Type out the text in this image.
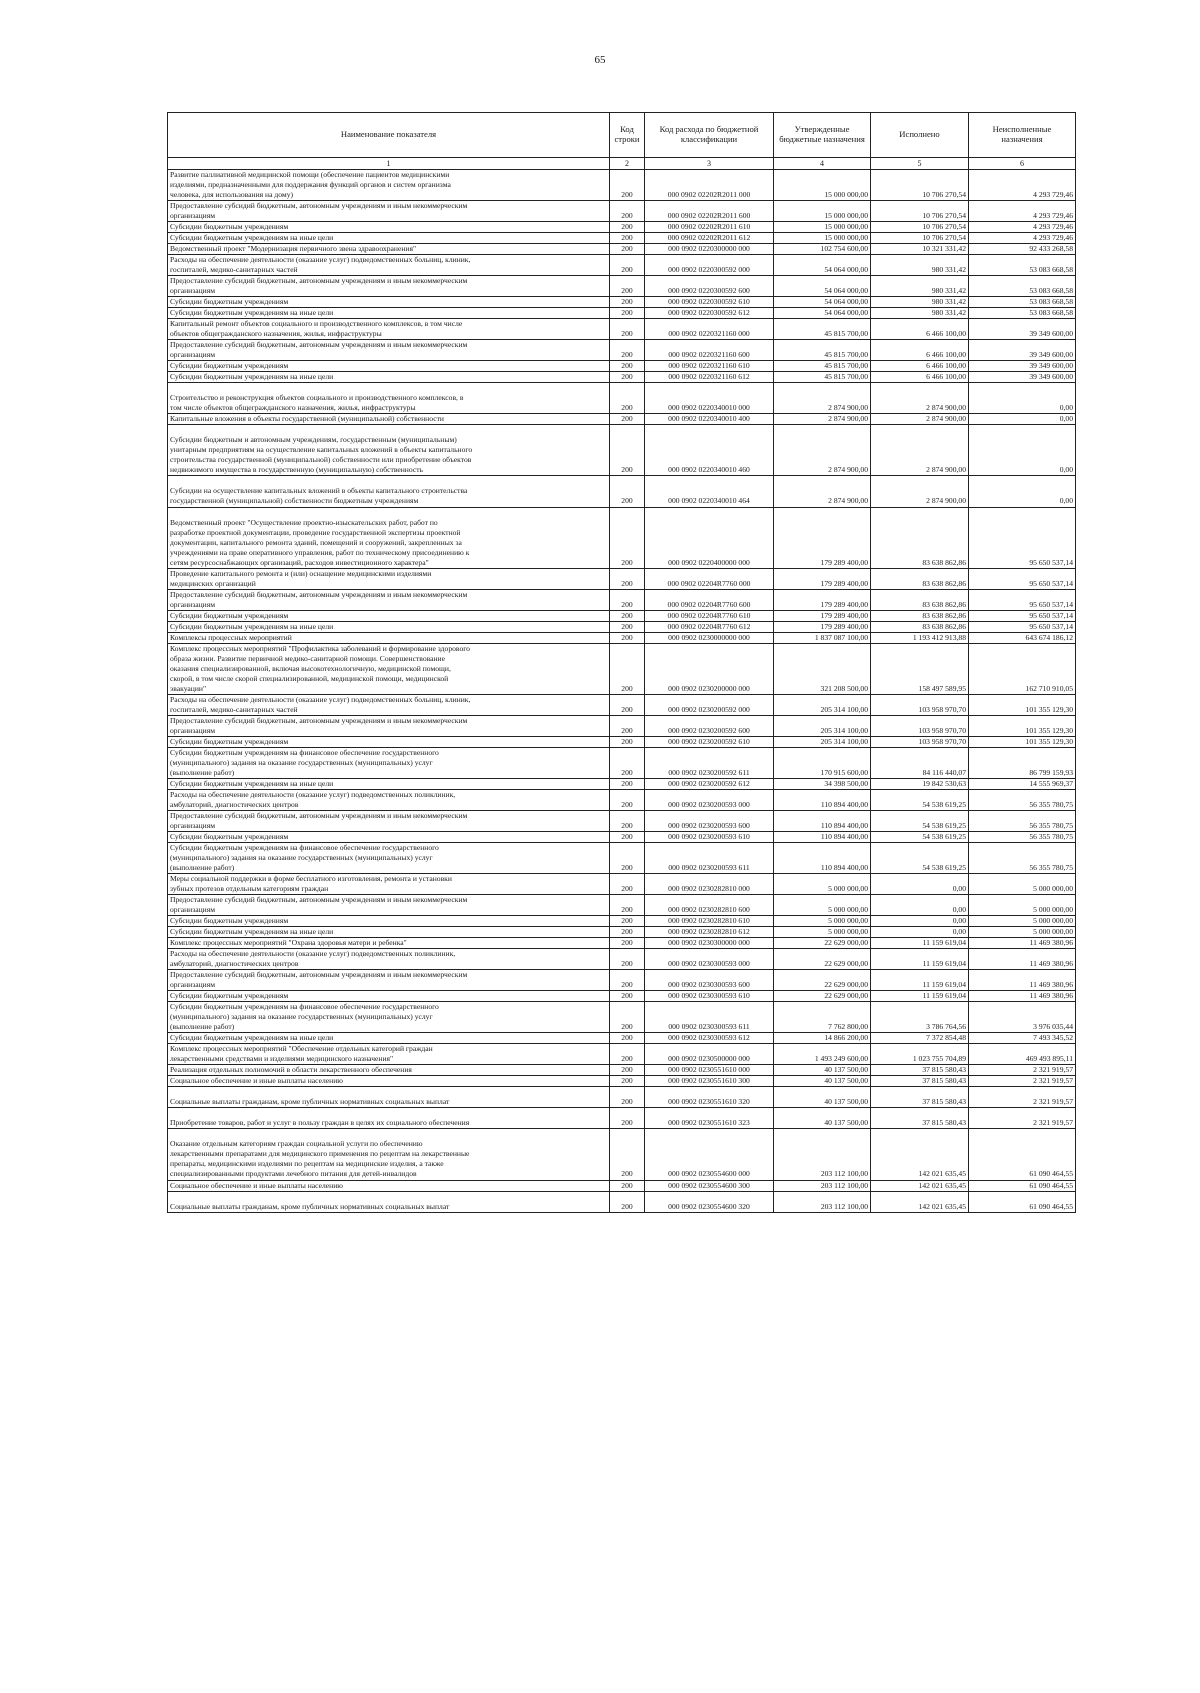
65
Наименование показателя	Код строки	Код расхода по бюджетной классификации	Утвержденные бюджетные назначения	Исполнено	Неисполненные назначения
1	2	3	4	5	6
Развитие паллиативной медицинской помощи (обеспечение пациентов медицинскими
изделиями, предназначенными для поддержания функций органов и систем организма
человека, для использования на дому)	200	000 0902 02202R2011 000	15 000 000,00	10 706 270,54	4 293 729,46
Предоставление субсидий бюджетным, автономным учреждениям и иным некоммерческим
организациям	200	000 0902 02202R2011 600	15 000 000,00	10 706 270,54	4 293 729,46
Субсидии бюджетным учреждениям	200	000 0902 02202R2011 610	15 000 000,00	10 706 270,54	4 293 729,46
Субсидии бюджетным учреждениям на иные цели	200	000 0902 02202R2011 612	15 000 000,00	10 706 270,54	4 293 729,46
Ведомственный проект "Модернизация первичного звена здравоохранения"	200	000 0902 0220300000 000	102 754 600,00	10 321 331,42	92 433 268,58
Расходы на обеспечение деятельности (оказание услуг) подведомственных больниц, клиник,
госпиталей, медико-санитарных частей	200	000 0902 0220300592 000	54 064 000,00	980 331,42	53 083 668,58
Предоставление субсидий бюджетным, автономным учреждениям и иным некоммерческим
организациям	200	000 0902 0220300592 600	54 064 000,00	980 331,42	53 083 668,58
Субсидии бюджетным учреждениям	200	000 0902 0220300592 610	54 064 000,00	980 331,42	53 083 668,58
Субсидии бюджетным учреждениям на иные цели	200	000 0902 0220300592 612	54 064 000,00	980 331,42	53 083 668,58
Капитальный ремонт объектов социального и производственного комплексов, в том числе
объектов общегражданского назначения, жилья, инфраструктуры	200	000 0902 0220321160 000	45 815 700,00	6 466 100,00	39 349 600,00
Предоставление субсидий бюджетным, автономным учреждениям и иным некоммерческим
организациям	200	000 0902 0220321160 600	45 815 700,00	6 466 100,00	39 349 600,00
Субсидии бюджетным учреждениям	200	000 0902 0220321160 610	45 815 700,00	6 466 100,00	39 349 600,00
Субсидии бюджетным учреждениям на иные цели	200	000 0902 0220321160 612	45 815 700,00	6 466 100,00	39 349 600,00

Строительство и реконструкция объектов социального и производственного комплексов, в
том числе объектов общегражданского назначения, жилья, инфраструктуры	200	000 0902 0220340010 000	2 874 900,00	2 874 900,00	0,00
Капитальные вложения в объекты государственной (муниципальной) собственности	200	000 0902 0220340010 400	2 874 900,00	2 874 900,00	0,00

Субсидии бюджетным и автономным учреждениям, государственным (муниципальным)
унитарным предприятиям на осуществление капитальных вложений в объекты капитального
строительства государственной (муниципальной) собственности или приобретение объектов
недвижимого имущества в государственную (муниципальную) собственность	200	000 0902 0220340010 460	2 874 900,00	2 874 900,00	0,00

Субсидии на осуществление капитальных вложений в объекты капитального строительства
государственной (муниципальной) собственности бюджетным учреждениям	200	000 0902 0220340010 464	2 874 900,00	2 874 900,00	0,00

Ведомственный проект "Осуществление проектно-изыскательских работ, работ по
разработке проектной документации, проведение государственной экспертизы проектной
документации, капитального ремонта зданий, помещений и сооружений, закрепленных за
учреждениями на праве оперативного управления, работ по техническому присоединению к
сетям ресурсоснабжающих организаций, расходов инвестиционного характера"	200	000 0902 0220400000 000	179 289 400,00	83 638 862,86	95 650 537,14
Проведение капитального ремонта и (или) оснащение медицинскими изделиями
медицинских организаций	200	000 0902 02204R7760 000	179 289 400,00	83 638 862,86	95 650 537,14
Предоставление субсидий бюджетным, автономным учреждениям и иным некоммерческим
организациям	200	000 0902 02204R7760 600	179 289 400,00	83 638 862,86	95 650 537,14
Субсидии бюджетным учреждениям	200	000 0902 02204R7760 610	179 289 400,00	83 638 862,86	95 650 537,14
Субсидии бюджетным учреждениям на иные цели	200	000 0902 02204R7760 612	179 289 400,00	83 638 862,86	95 650 537,14
Комплексы процессных мероприятий	200	000 0902 0230000000 000	1 837 087 100,00	1 193 412 913,88	643 674 186,12
Комплекс процессных мероприятий "Профилактика заболеваний и формирование здорового
образа жизни. Развитие первичной медико-санитарной помощи. Совершенствование
оказания специализированной, включая высокотехнологичную, медицинской помощи,
скорой, в том числе скорой специализированной, медицинской помощи, медицинской
эвакуации"	200	000 0902 0230200000 000	321 208 500,00	158 497 589,95	162 710 910,05
Расходы на обеспечение деятельности (оказание услуг) подведомственных больниц, клиник,
госпиталей, медико-санитарных частей	200	000 0902 0230200592 000	205 314 100,00	103 958 970,70	101 355 129,30
Предоставление субсидий бюджетным, автономным учреждениям и иным некоммерческим
организациям	200	000 0902 0230200592 600	205 314 100,00	103 958 970,70	101 355 129,30
Субсидии бюджетным учреждениям	200	000 0902 0230200592 610	205 314 100,00	103 958 970,70	101 355 129,30
Субсидии бюджетным учреждениям на финансовое обеспечение государственного
(муниципального) задания на оказание государственных (муниципальных) услуг
(выполнение работ)	200	000 0902 0230200592 611	170 915 600,00	84 116 440,07	86 799 159,93
Субсидии бюджетным учреждениям на иные цели	200	000 0902 0230200592 612	34 398 500,00	19 842 530,63	14 555 969,37
Расходы на обеспечение деятельности (оказание услуг) подведомственных поликлиник,
амбулаторий, диагностических центров	200	000 0902 0230200593 000	110 894 400,00	54 538 619,25	56 355 780,75
Предоставление субсидий бюджетным, автономным учреждениям и иным некоммерческим
организациям	200	000 0902 0230200593 600	110 894 400,00	54 538 619,25	56 355 780,75
Субсидии бюджетным учреждениям	200	000 0902 0230200593 610	110 894 400,00	54 538 619,25	56 355 780,75
Субсидии бюджетным учреждениям на финансовое обеспечение государственного
(муниципального) задания на оказание государственных (муниципальных) услуг
(выполнение работ)	200	000 0902 0230200593 611	110 894 400,00	54 538 619,25	56 355 780,75
Меры социальной поддержки в форме бесплатного изготовления, ремонта и установки
зубных протезов отдельным категориям граждан	200	000 0902 0230282810 000	5 000 000,00	0,00	5 000 000,00
Предоставление субсидий бюджетным, автономным учреждениям и иным некоммерческим
организациям	200	000 0902 0230282810 600	5 000 000,00	0,00	5 000 000,00
Субсидии бюджетным учреждениям	200	000 0902 0230282810 610	5 000 000,00	0,00	5 000 000,00
Субсидии бюджетным учреждениям на иные цели	200	000 0902 0230282810 612	5 000 000,00	0,00	5 000 000,00
Комплекс процессных мероприятий "Охрана здоровья матери и ребенка"	200	000 0902 0230300000 000	22 629 000,00	11 159 619,04	11 469 380,96
Расходы на обеспечение деятельности (оказание услуг) подведомственных поликлиник,
амбулаторий, диагностических центров	200	000 0902 0230300593 000	22 629 000,00	11 159 619,04	11 469 380,96
Предоставление субсидий бюджетным, автономным учреждениям и иным некоммерческим
организациям	200	000 0902 0230300593 600	22 629 000,00	11 159 619,04	11 469 380,96
Субсидии бюджетным учреждениям	200	000 0902 0230300593 610	22 629 000,00	11 159 619,04	11 469 380,96
Субсидии бюджетным учреждениям на финансовое обеспечение государственного
(муниципального) задания на оказание государственных (муниципальных) услуг
(выполнение работ)	200	000 0902 0230300593 611	7 762 800,00	3 786 764,56	3 976 035,44
Субсидии бюджетным учреждениям на иные цели	200	000 0902 0230300593 612	14 866 200,00	7 372 854,48	7 493 345,52
Комплекс процессных мероприятий "Обеспечение отдельных категорий граждан
лекарственными средствами и изделиями медицинского назначения"	200	000 0902 0230500000 000	1 493 249 600,00	1 023 755 704,89	469 493 895,11
Реализация отдельных полномочий в области лекарственного обеспечения	200	000 0902 0230551610 000	40 137 500,00	37 815 580,43	2 321 919,57
Социальное обеспечение и иные выплаты населению	200	000 0902 0230551610 300	40 137 500,00	37 815 580,43	2 321 919,57

Социальные выплаты гражданам, кроме публичных нормативных социальных выплат	200	000 0902 0230551610 320	40 137 500,00	37 815 580,43	2 321 919,57

Приобретение товаров, работ и услуг в пользу граждан в целях их социального обеспечения	200	000 0902 0230551610 323	40 137 500,00	37 815 580,43	2 321 919,57

Оказание отдельным категориям граждан социальной услуги по обеспечению
лекарственными препаратами для медицинского применения по рецептам на лекарственные
препараты, медицинскими изделиями по рецептам на медицинские изделия, а также
специализированными продуктами лечебного питания для детей-инвалидов	200	000 0902 0230554600 000	203 112 100,00	142 021 635,45	61 090 464,55
Социальное обеспечение и иные выплаты населению	200	000 0902 0230554600 300	203 112 100,00	142 021 635,45	61 090 464,55

Социальные выплаты гражданам, кроме публичных нормативных социальных выплат	200	000 0902 0230554600 320	203 112 100,00	142 021 635,45	61 090 464,55
